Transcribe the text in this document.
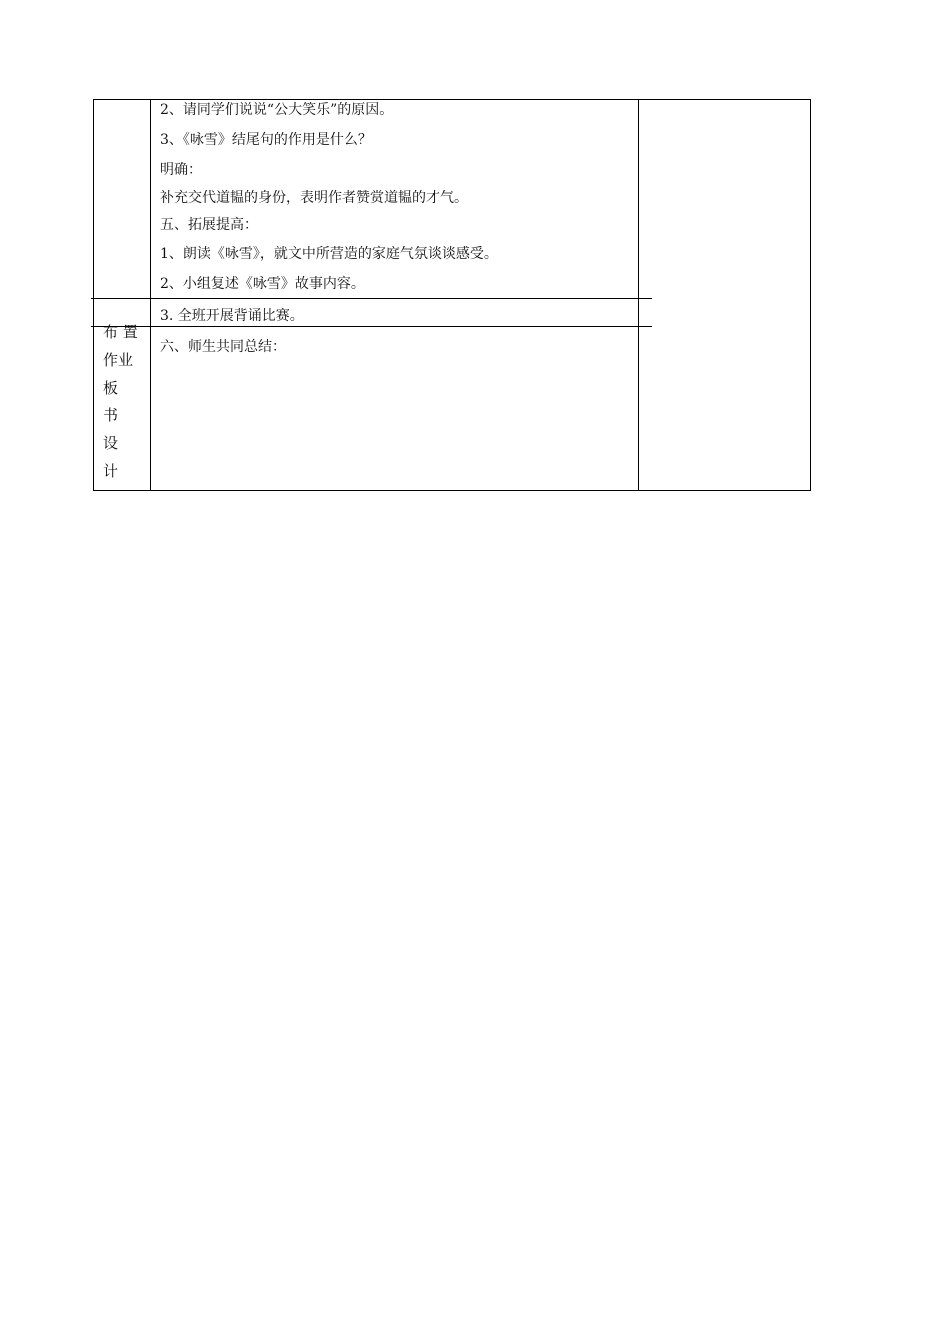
2、请同学们说说“公大笑乐”的原因。
3、《咏雪》结尾句的作用是什么？
明确：
补充交代道韫的身份，表明作者赞赏道韫的才气。
五、拓展提高：
1、朗读《咏雪》，就文中所营造的家庭气氛谈谈感受。
2、小组复述《咏雪》故事内容。
3. 全班开展背诵比赛。
六、师生共同总结：
布 置
作业
板
书
设
计
